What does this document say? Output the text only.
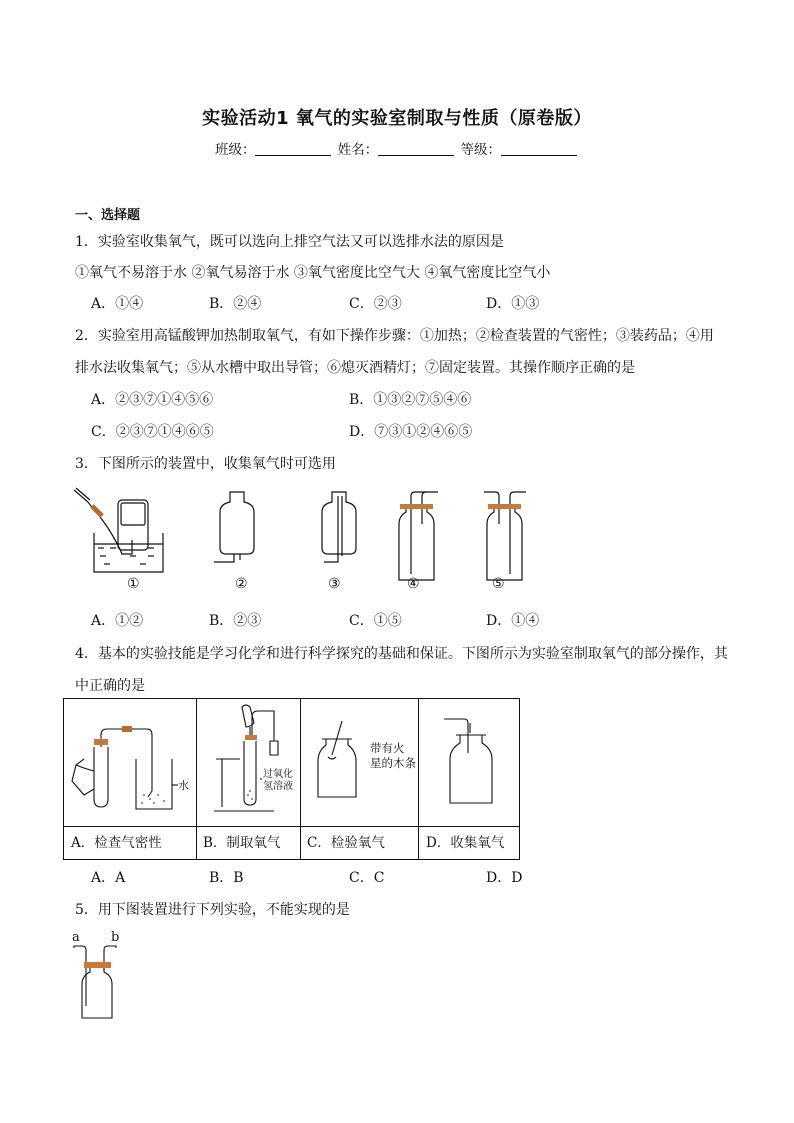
实验活动1 氧气的实验室制取与性质（原卷版）
班级：	姓名：	等级：
一、选择题
1．实验室收集氧气，既可以选向上排空气法又可以选排水法的原因是
①氧气不易溶于水 ②氧气易溶于水 ③氧气密度比空气大 ④氧气密度比空气小
A．①④	B．②④	C．②③	D．①③
2．实验室用高锰酸钾加热制取氧气，有如下操作步骤：①加热；②检查装置的气密性；③装药品；④用
排水法收集氧气；⑤从水槽中取出导管；⑥熄灭酒精灯；⑦固定装置。其操作顺序正确的是
A．②③⑦①④⑤⑥	B．①③②⑦⑤④⑥
C．②③⑦①④⑥⑤	D．⑦③①②④⑥⑤
3．下图所示的装置中，收集氧气时可选用
①	②	③	④	⑤
A．①②	B．②③	C．①⑤	D．①④
4．基本的实验技能是学习化学和进行科学探究的基础和保证。下图所示为实验室制取氧气的部分操作，其
中正确的是
水
过氧化
氢溶液
带有火
星的木条
A．检查气密性	B．制取氧气 C．检验氧气	D．收集氧气
A．A	B．B	C．C	D．D
5．用下图装置进行下列实验，不能实现的是
a b
